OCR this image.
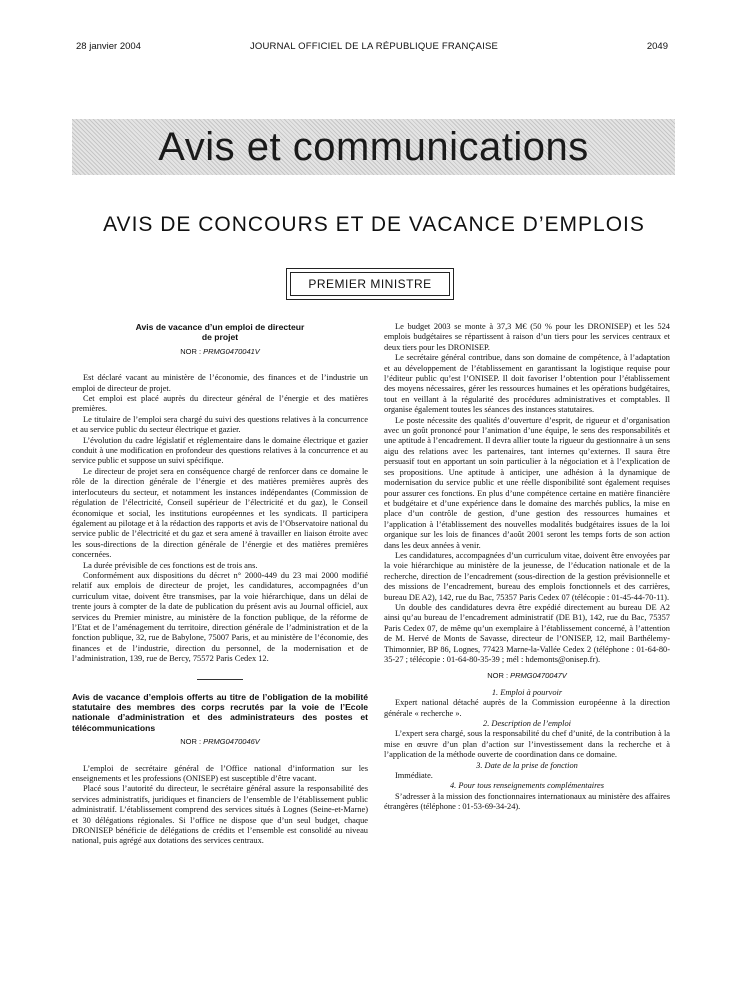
28 janvier 2004	JOURNAL OFFICIEL DE LA RÉPUBLIQUE FRANÇAISE	2049
Avis et communications
AVIS DE CONCOURS ET DE VACANCE D’EMPLOIS
PREMIER MINISTRE
Avis de vacance d’un emploi de directeur de projet
NOR : PRMG0470041V

Est déclaré vacant au ministère de l’économie, des finances et de l’industrie un emploi de directeur de projet.

Cet emploi est placé auprès du directeur général de l’énergie et des matières premières.

Le titulaire de l’emploi sera chargé du suivi des questions relatives à la concurrence et au service public du secteur électrique et gazier.

L’évolution du cadre législatif et réglementaire dans le domaine électrique et gazier conduit à une modification en profondeur des questions relatives à la concurrence et au service public et suppose un suivi spécifique.

Le directeur de projet sera en conséquence chargé de renforcer dans ce domaine le rôle de la direction générale de l’énergie et des matières premières auprès des interlocuteurs du secteur, et notamment les instances indépendantes (Commission de régulation de l’électricité, Conseil supérieur de l’électricité et du gaz), le Conseil économique et social, les institutions européennes et les syndicats. Il participera également au pilotage et à la rédaction des rapports et avis de l’Observatoire national du service public de l’électricité et du gaz et sera amené à travailler en liaison étroite avec les sous-directions de la direction générale de l’énergie et des matières premières concernées.

La durée prévisible de ces fonctions est de trois ans.

Conformément aux dispositions du décret n° 2000-449 du 23 mai 2000 modifié relatif aux emplois de directeur de projet, les candidatures, accompagnées d’un curriculum vitae, doivent être transmises, par la voie hiérarchique, dans un délai de trente jours à compter de la date de publication du présent avis au Journal officiel, aux services du Premier ministre, au ministère de la fonction publique, de la réforme de l’Etat et de l’aménagement du territoire, direction générale de l’administration et de la fonction publique, 32, rue de Babylone, 75007 Paris, et au ministère de l’économie, des finances et de l’industrie, direction du personnel, de la modernisation et de l’administration, 139, rue de Bercy, 75572 Paris Cedex 12.

Avis de vacance d’emplois offerts au titre de l’obligation de la mobilité statutaire des membres des corps recrutés par la voie de l’Ecole nationale d’administration et des administrateurs des postes et télécommunications
NOR : PRMG0470046V

L’emploi de secrétaire général de l’Office national d’information sur les enseignements et les professions (ONISEP) est susceptible d’être vacant.

Placé sous l’autorité du directeur, le secrétaire général assure la responsabilité des services administratifs, juridiques et financiers de l’ensemble de l’établissement public administratif. L’établissement comprend des services situés à Lognes (Seine-et-Marne) et 30 délégations régionales. Si l’office ne dispose que d’un seul budget, chaque DRONISEP bénéficie de délégations de crédits et l’ensemble est consolidé au niveau national, puis agrégé aux dotations des services centraux.

Le budget 2003 se monte à 37,3 M€ (50 % pour les DRONISEP) et les 524 emplois budgétaires se répartissent à raison d’un tiers pour les services centraux et deux tiers pour les DRONISEP.

Le secrétaire général contribue, dans son domaine de compétence, à l’adaptation et au développement de l’établissement en garantissant la logistique requise pour l’éditeur public qu’est l’ONISEP. Il doit favoriser l’obtention pour l’établissement des moyens nécessaires, gérer les ressources humaines et les opérations budgétaires, tout en veillant à la régularité des procédures administratives et comptables. Il organise également toutes les séances des instances statutaires.

Le poste nécessite des qualités d’ouverture d’esprit, de rigueur et d’organisation avec un goût prononcé pour l’animation d’une équipe, le sens des responsabilités et une aptitude à l’encadrement. Il devra allier toute la rigueur du gestionnaire à un sens aigu des relations avec les partenaires, tant internes qu’externes. Il saura être persuasif tout en apportant un soin particulier à la négociation et à l’explication de ses propositions. Une aptitude à anticiper, une adhésion à la dynamique de modernisation du service public et une réelle disponibilité sont également requises pour assurer ces fonctions. En plus d’une compétence certaine en matière financière et budgétaire et d’une expérience dans le domaine des marchés publics, la mise en place d’un contrôle de gestion, d’une gestion des ressources humaines et l’application à l’établissement des nouvelles modalités budgétaires issues de la loi organique sur les lois de finances d’août 2001 seront les temps forts de son action dans les deux années à venir.

Les candidatures, accompagnées d’un curriculum vitae, doivent être envoyées par la voie hiérarchique au ministère de la jeunesse, de l’éducation nationale et de la recherche, direction de l’encadrement (sous-direction de la gestion prévisionnelle et des missions de l’encadrement, bureau des emplois fonctionnels et des carrières, bureau DE A2), 142, rue du Bac, 75357 Paris Cedex 07 (télécopie : 01-45-44-70-11).

Un double des candidatures devra être expédié directement au bureau DE A2 ainsi qu’au bureau de l’encadrement administratif (DE B1), 142, rue du Bac, 75357 Paris Cedex 07, de même qu’un exemplaire à l’établissement concerné, à l’attention de M. Hervé de Monts de Savasse, directeur de l’ONISEP, 12, mail Barthélemy-Thimonnier, BP 86, Lognes, 77423 Marne-la-Vallée Cedex 2 (téléphone : 01-64-80-35-27 ; télécopie : 01-64-80-35-39 ; mél : hdemonts@onisep.fr).

NOR : PRMG0470047V

1. Emploi à pourvoir

Expert national détaché auprès de la Commission européenne à la direction générale « recherche ».

2. Description de l’emploi

L’expert sera chargé, sous la responsabilité du chef d’unité, de la contribution à la mise en œuvre d’un plan d’action sur l’investissement dans la recherche et à l’application de la méthode ouverte de coordination dans ce domaine.

3. Date de la prise de fonction

Immédiate.

4. Pour tous renseignements complémentaires

S’adresser à la mission des fonctionnaires internationaux au ministère des affaires étrangères (téléphone : 01-53-69-34-24).
